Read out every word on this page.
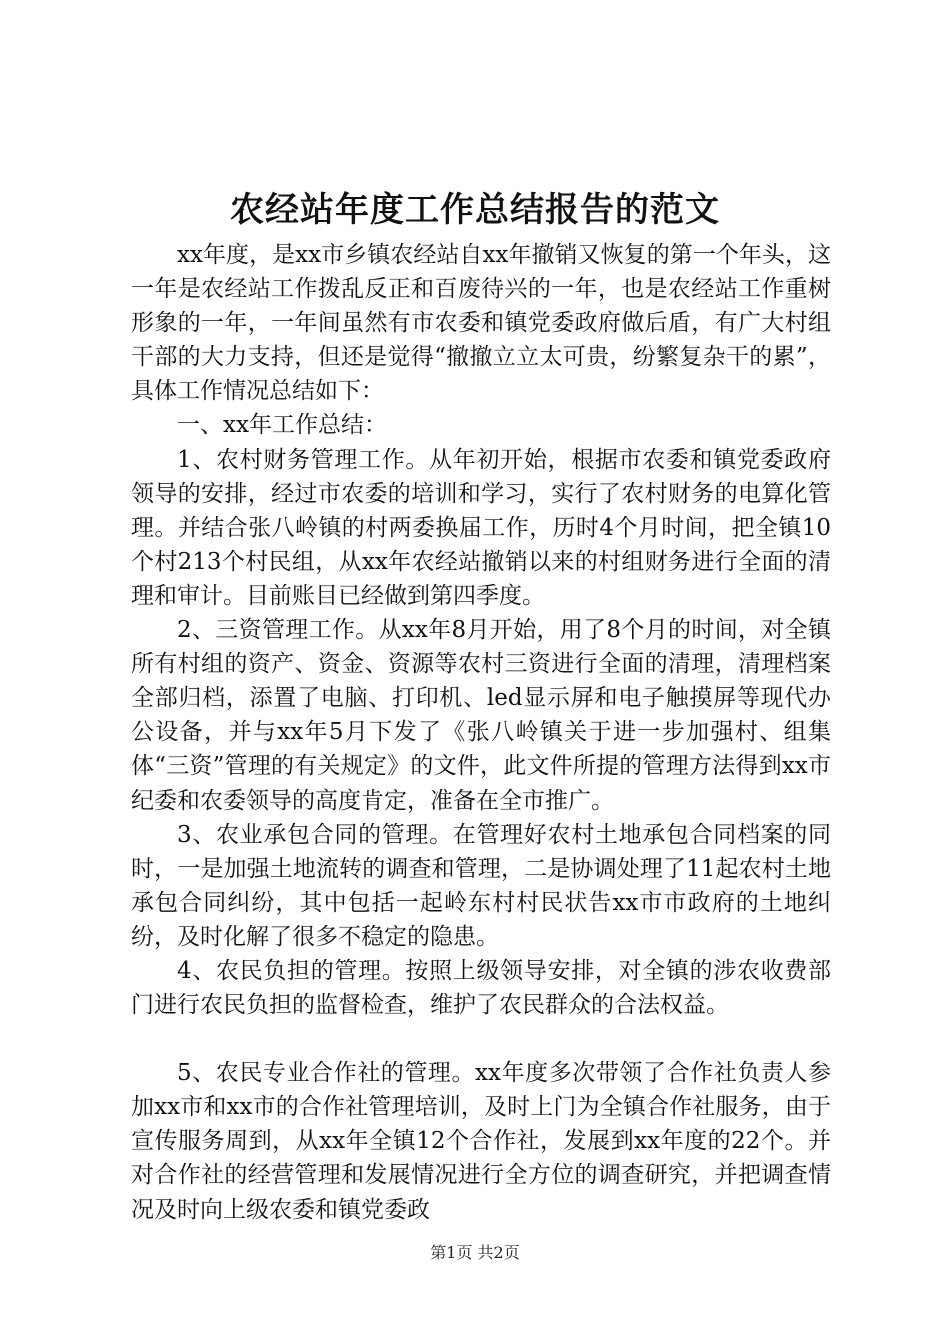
农经站年度工作总结报告的范文

xx年度，是xx市乡镇农经站自xx年撤销又恢复的第一个年头，这一年是农经站工作拨乱反正和百废待兴的一年，也是农经站工作重树形象的一年，一年间虽然有市农委和镇党委政府做后盾，有广大村组干部的大力支持，但还是觉得“撤撤立立太可贵，纷繁复杂干的累”，具体工作情况总结如下：

一、xx年工作总结：

1、农村财务管理工作。从年初开始，根据市农委和镇党委政府领导的安排，经过市农委的培训和学习，实行了农村财务的电算化管理。并结合张八岭镇的村两委换届工作，历时4个月时间，把全镇10个村213个村民组，从xx年农经站撤销以来的村组财务进行全面的清理和审计。目前账目已经做到第四季度。

2、三资管理工作。从xx年8月开始，用了8个月的时间，对全镇所有村组的资产、资金、资源等农村三资进行全面的清理，清理档案全部归档，添置了电脑、打印机、led显示屏和电子触摸屏等现代办公设备，并与xx年5月下发了《张八岭镇关于进一步加强村、组集体“三资”管理的有关规定》的文件，此文件所提的管理方法得到xx市纪委和农委领导的高度肯定，准备在全市推广。

3、农业承包合同的管理。在管理好农村土地承包合同档案的同时，一是加强土地流转的调查和管理，二是协调处理了11起农村土地承包合同纠纷，其中包括一起岭东村村民状告xx市市政府的土地纠纷，及时化解了很多不稳定的隐患。

4、农民负担的管理。按照上级领导安排，对全镇的涉农收费部门进行农民负担的监督检查，维护了农民群众的合法权益。

5、农民专业合作社的管理。xx年度多次带领了合作社负责人参加xx市和xx市的合作社管理培训，及时上门为全镇合作社服务，由于宣传服务周到，从xx年全镇12个合作社，发展到xx年度的22个。并对合作社的经营管理和发展情况进行全方位的调查研究，并把调查情况及时向上级农委和镇党委政

第1页 共2页
